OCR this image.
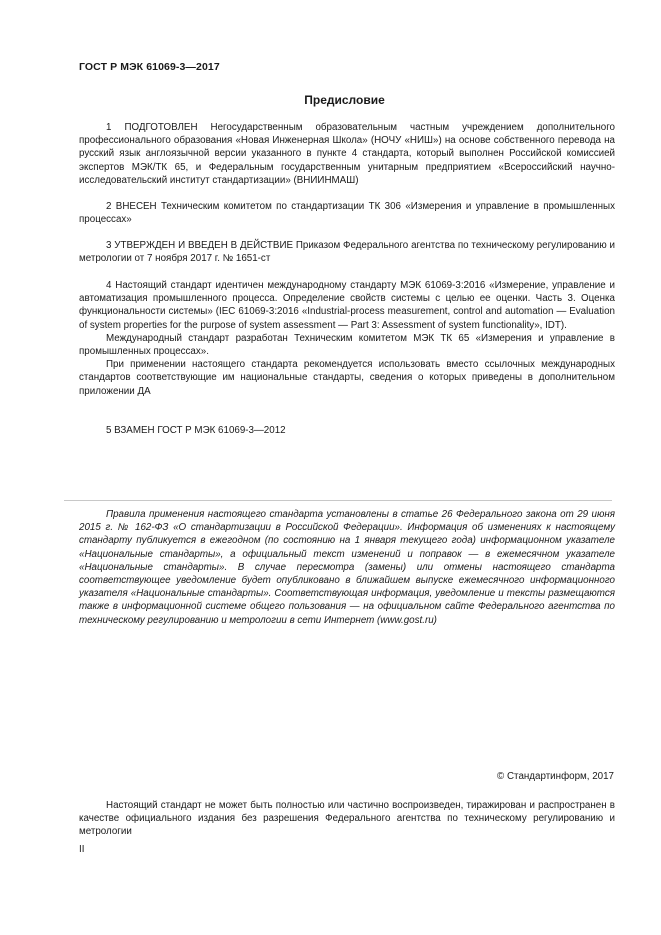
ГОСТ Р МЭК 61069-3—2017
Предисловие

1 ПОДГОТОВЛЕН Негосударственным образовательным частным учреждением дополнительного профессионального образования «Новая Инженерная Школа» (НОЧУ «НИШ») на основе собственного перевода на русский язык англоязычной версии указанного в пункте 4 стандарта, который выполнен Российской комиссией экспертов МЭК/ТК 65, и Федеральным государственным унитарным предприятием «Всероссийский научно-исследовательский институт стандартизации» (ВНИИНМАШ)

2 ВНЕСЕН Техническим комитетом по стандартизации ТК 306 «Измерения и управление в промышленных процессах»

3 УТВЕРЖДЕН И ВВЕДЕН В ДЕЙСТВИЕ Приказом Федерального агентства по техническому регулированию и метрологии от 7 ноября 2017 г. № 1651-ст

4 Настоящий стандарт идентичен международному стандарту МЭК 61069-3:2016 «Измерение, управление и автоматизация промышленного процесса. Определение свойств системы с целью ее оценки. Часть 3. Оценка функциональности системы» (IEC 61069-3:2016 «Industrial-process measurement, control and automation — Evaluation of system properties for the purpose of system assessment — Part 3: Assessment of system functionality», IDT).

Международный стандарт разработан Техническим комитетом МЭК ТК 65 «Измерения и управление в промышленных процессах».

При применении настоящего стандарта рекомендуется использовать вместо ссылочных международных стандартов соответствующие им национальные стандарты, сведения о которых приведены в дополнительном приложении ДА

5 ВЗАМЕН ГОСТ Р МЭК 61069-3—2012

Правила применения настоящего стандарта установлены в статье 26 Федерального закона от 29 июня 2015 г. № 162-ФЗ «О стандартизации в Российской Федерации». Информация об изменениях к настоящему стандарту публикуется в ежегодном (по состоянию на 1 января текущего года) информационном указателе «Национальные стандарты», а официальный текст изменений и поправок — в ежемесячном указателе «Национальные стандарты». В случае пересмотра (замены) или отмены настоящего стандарта соответствующее уведомление будет опубликовано в ближайшем выпуске ежемесячного информационного указателя «Национальные стандарты». Соответствующая информация, уведомление и тексты размещаются также в информационной системе общего пользования — на официальном сайте Федерального агентства по техническому регулированию и метрологии в сети Интернет (www.gost.ru)

© Стандартинформ, 2017

Настоящий стандарт не может быть полностью или частично воспроизведен, тиражирован и распространен в качестве официального издания без разрешения Федерального агентства по техническому регулированию и метрологии

II
